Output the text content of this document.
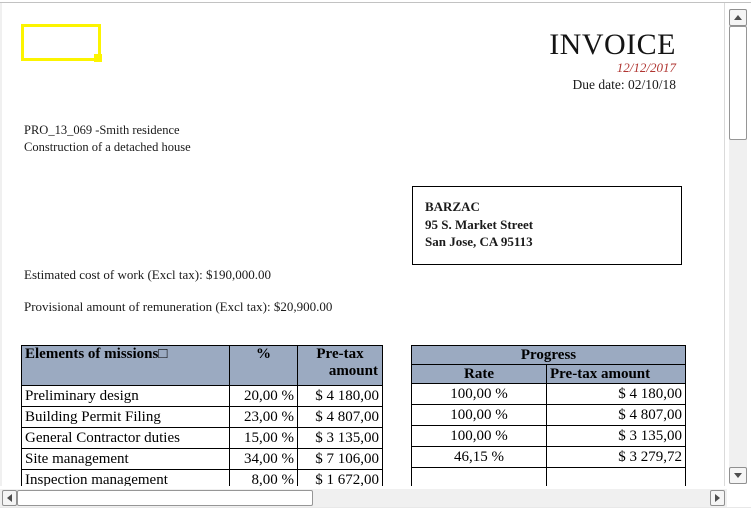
INVOICE
12/12/2017
Due date: 02/10/18
PRO_13_069 -Smith residence
Construction of a detached house
BARZAC
95 S. Market Street
San Jose, CA 95113
Estimated cost of work (Excl tax): $190,000.00
Provisional amount of remuneration (Excl tax): $20,900.00
Elements of missions□	%	Pre-tax
amount

Preliminary design	20,00 %	$ 4 180,00
Building Permit Filing	23,00 %	$ 4 807,00
General Contractor duties	15,00 %	$ 3 135,00
Site management	34,00 %	$ 7 106,00
Inspection management	8,00 %	$ 1 672,00
Progress	
Rate	Pre-tax amount
100,00 %	$ 4 180,00
100,00 %	$ 4 807,00
100,00 %	$ 3 135,00
46,15 %	$ 3 279,72
